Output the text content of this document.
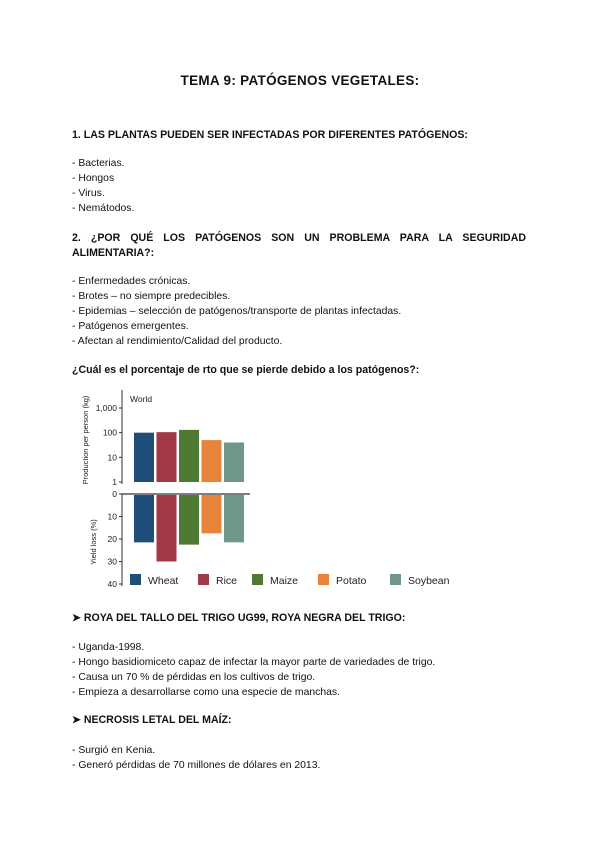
TEMA 9: PATÓGENOS VEGETALES:
1. LAS PLANTAS PUEDEN SER INFECTADAS POR DIFERENTES PATÓGENOS:
- Bacterias.
- Hongos
- Virus.
- Nemátodos.
2. ¿POR QUÉ LOS PATÓGENOS SON UN PROBLEMA PARA LA SEGURIDAD ALIMENTARIA?:
- Enfermedades crónicas.
- Brotes – no siempre predecibles.
- Epidemias – selección de patógenos/transporte de plantas infectadas.
- Patógenos emergentes.
- Afectan al rendimiento/Calidad del producto.
¿Cuál es el porcentaje de rto que se pierde debido a los patógenos?:
World
Production per person (kg)
Yield loss (%)
1
10
100
1,000
0
10
20
30
40	Wheat	Rice	Maize	Potato	Soybean
➤ ROYA DEL TALLO DEL TRIGO UG99, ROYA NEGRA DEL TRIGO:
- Uganda-1998.
- Hongo basidiomiceto capaz de infectar la mayor parte de variedades de trigo.
- Causa un 70 % de pérdidas en los cultivos de trigo.
- Empieza a desarrollarse como una especie de manchas.
➤ NECROSIS LETAL DEL MAÍZ:
- Surgió en Kenia.
- Generó pérdidas de 70 millones de dólares en 2013.
